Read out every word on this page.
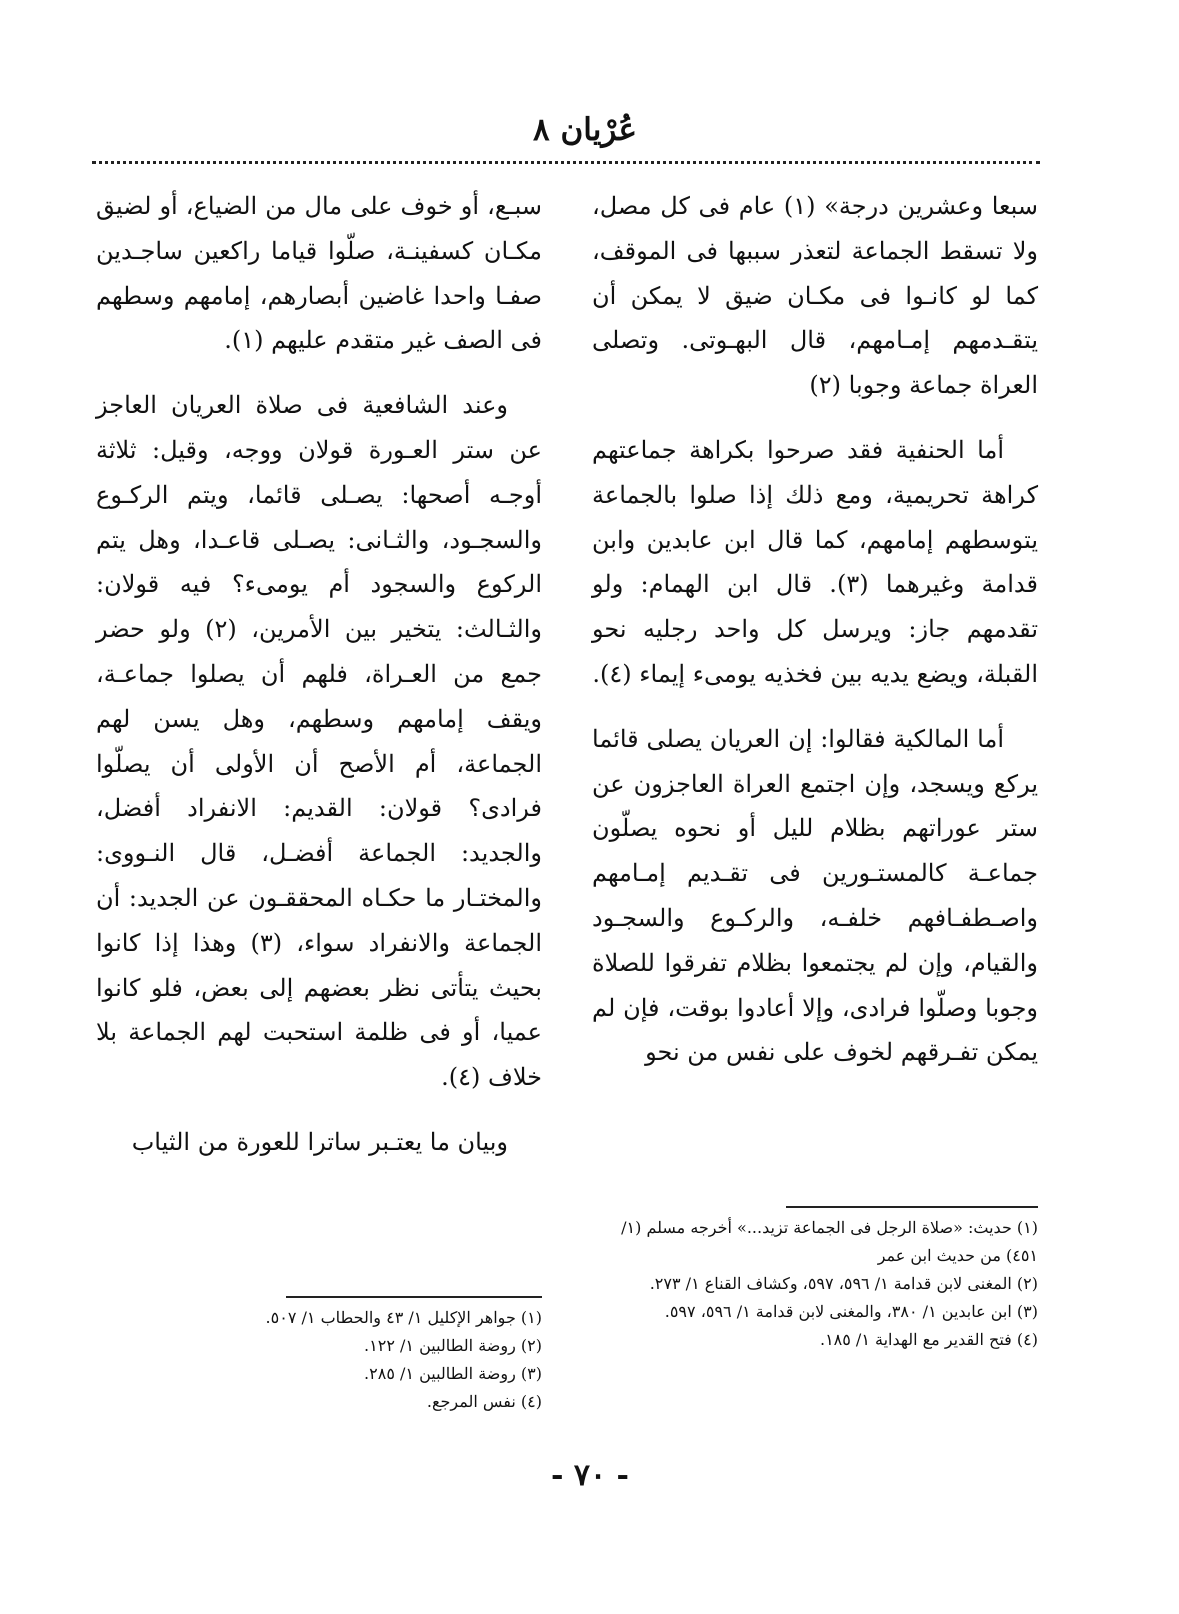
عُرْيان ٨

سبعا وعشرين درجة» (١) عام فى كل مصل، ولا تسقط الجماعة لتعذر سببها فى الموقف، كما لو كانـوا فى مكـان ضيق لا يمكن أن يتقـدمهم إمـامهم، قال البهـوتى. وتصلى العراة جماعة وجوبا (٢)

أما الحنفية فقد صرحوا بكراهة جماعتهم كراهة تحريمية، ومع ذلك إذا صلوا بالجماعة يتوسطهم إمامهم، كما قال ابن عابدين وابن قدامة وغيرهما (٣). قال ابن الهمام: ولو تقدمهم جاز: ويرسل كل واحد رجليه نحو القبلة، ويضع يديه بين فخذيه يومىء إيماء (٤).

أما المالكية فقالوا: إن العريان يصلى قائما يركع ويسجد، وإن اجتمع العراة العاجزون عن ستر عوراتهم بظلام لليل أو نحوه يصلّون جماعـة كالمستـورين فى تقـديم إمـامهم واصـطفـافهم خلفـه، والركـوع والسجـود والقيام، وإن لم يجتمعوا بظلام تفرقوا للصلاة وجوبا وصلّوا فرادى، وإلا أعادوا بوقت، فإن لم يمكن تفـرقهم لخوف على نفس من نحو

سبـع، أو خوف على مال من الضياع، أو لضيق مكـان كسفينـة، صلّوا قياما راكعين ساجـدين صفـا واحدا غاضين أبصارهم، إمامهم وسطهم فى الصف غير متقدم عليهم (١).

وعند الشافعية فى صلاة العريان العاجز عن ستر العـورة قولان ووجه، وقيل: ثلاثة أوجـه أصحها: يصـلى قائما، ويتم الركـوع والسجـود، والثـانى: يصـلى قاعـدا، وهل يتم الركوع والسجود أم يومىء؟ فيه قولان: والثـالث: يتخير بين الأمرين، (٢) ولو حضر جمع من العـراة، فلهم أن يصلوا جماعـة، ويقف إمامهم وسطهم، وهل يسن لهم الجماعة، أم الأصح أن الأولى أن يصلّوا فرادى؟ قولان: القديم: الانفراد أفضل، والجديد: الجماعة أفضـل، قال النـووى: والمختـار ما حكـاه المحققـون عن الجديد: أن الجماعة والانفراد سواء، (٣) وهذا إذا كانوا بحيث يتأتى نظر بعضهم إلى بعض، فلو كانوا عميا، أو فى ظلمة استحبت لهم الجماعة بلا خلاف (٤).

وبيان ما يعتـبر ساترا للعورة من الثياب

(١) حديث: «صلاة الرجل فى الجماعة تزيد...» أخرجه مسلم (١/ ٤٥١) من حديث ابن عمر

(٢) المغنى لابن قدامة ١/ ٥٩٦، ٥٩٧، وكشاف القناع ١/ ٢٧٣.

(٣) ابن عابدين ١/ ٣٨٠، والمغنى لابن قدامة ١/ ٥٩٦، ٥٩٧.

(٤) فتح القدير مع الهداية ١/ ١٨٥.

(١) جواهر الإكليل ١/ ٤٣ والحطاب ١/ ٥٠٧.

(٢) روضة الطالبين ١/ ١٢٢.

(٣) روضة الطالبين ١/ ٢٨٥.

(٤) نفس المرجع.

- ٧٠ -
